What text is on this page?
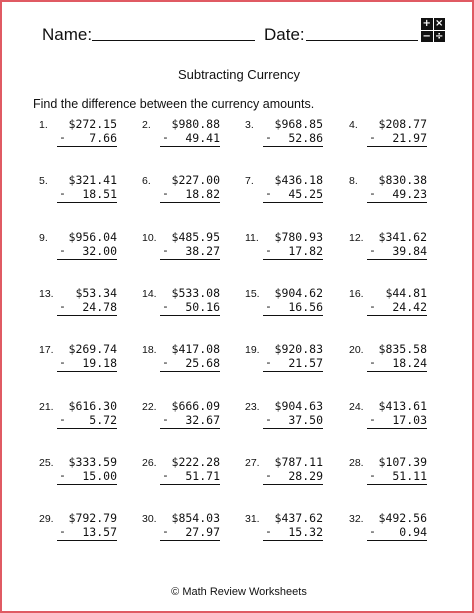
Name:	Date:
+ ×
− ÷
Subtracting Currency
Find the difference between the currency amounts.
1.	$272.15
-	7.66
2.	$980.88
-	49.41
3.	$968.85
-	52.86
4.	$208.77
-	21.97
5.	$321.41
-	18.51
6.	$227.00
-	18.82
7.	$436.18
-	45.25
8.	$830.38
-	49.23
9.	$956.04
-	32.00
10.	$485.95
-	38.27
11.	$780.93
-	17.82
12.	$341.62
-	39.84
13.	$53.34
-	24.78
14.	$533.08
-	50.16
15.	$904.62
-	16.56
16.	$44.81
-	24.42
17.	$269.74
-	19.18
18.	$417.08
-	25.68
19.	$920.83
-	21.57
20.	$835.58
-	18.24
21.	$616.30
-	5.72
22.	$666.09
-	32.67
23.	$904.63
-	37.50
24.	$413.61
-	17.03
25.	$333.59
-	15.00
26.	$222.28
-	51.71
27.	$787.11
-	28.29
28.	$107.39
-	51.11
29.	$792.79
-	13.57
30.	$854.03
-	27.97
31.	$437.62
-	15.32
32.	$492.56
-	0.94
© Math Review Worksheets
